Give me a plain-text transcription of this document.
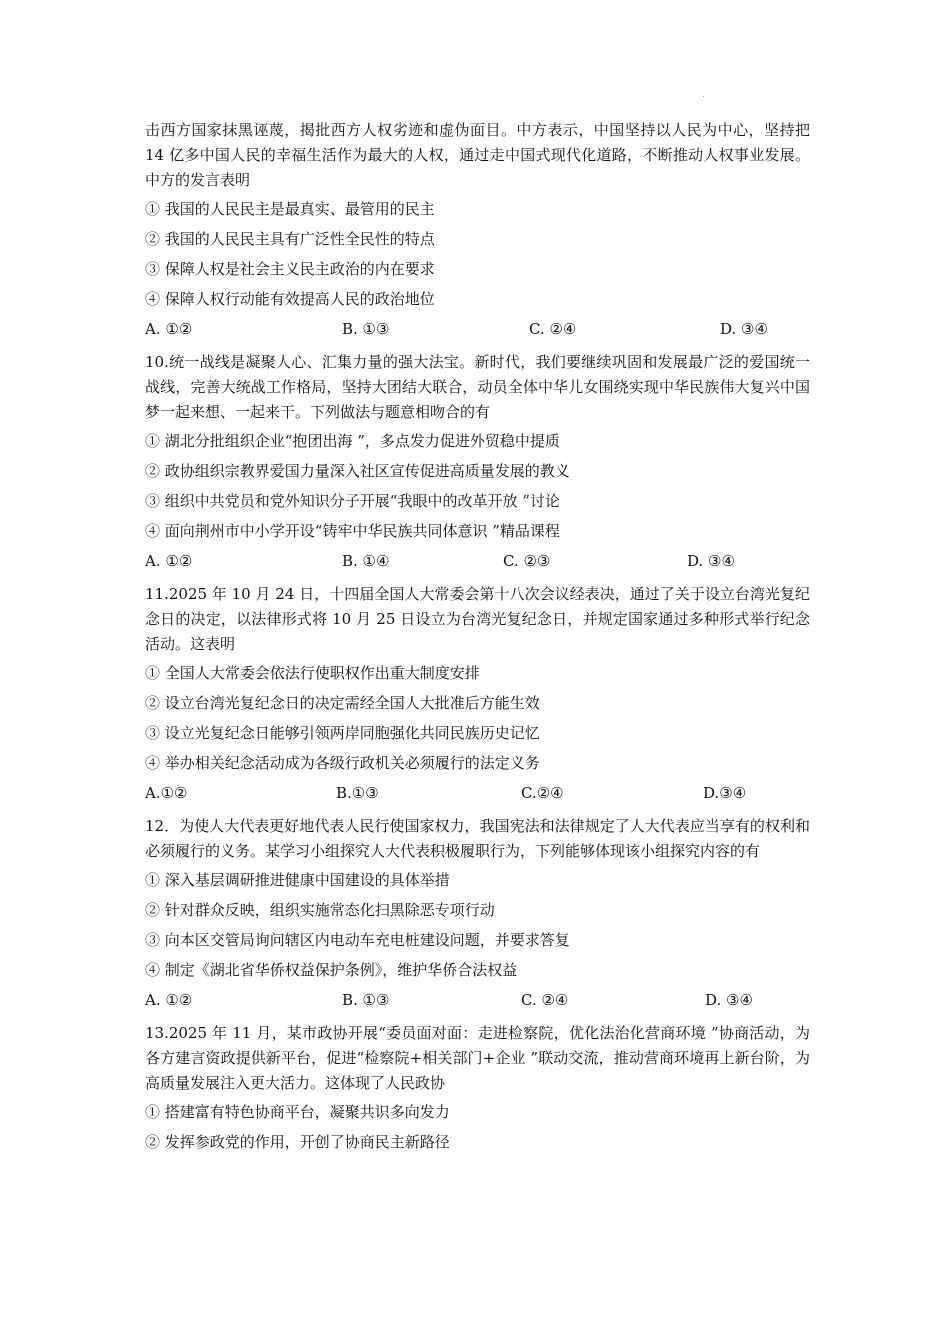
击西方国家抹黑诬蔑，揭批西方人权劣迹和虚伪面目。中方表示，中国坚持以人民为中心，坚持把 14 亿多中国人民的幸福生活作为最大的人权，通过走中国式现代化道路，不断推动人权事业发展。中方的发言表明

① 我国的人民民主是最真实、最管用的民主
② 我国的人民民主具有广泛性全民性的特点
③ 保障人权是社会主义民主政治的内在要求
④ 保障人权行动能有效提高人民的政治地位
A. ①②	B. ①③	C. ②④	D. ③④

10.统一战线是凝聚人心、汇集力量的强大法宝。新时代，我们要继续巩固和发展最广泛的爱国统一战线，完善大统战工作格局，坚持大团结大联合，动员全体中华儿女围绕实现中华民族伟大复兴中国梦一起来想、一起来干。下列做法与题意相吻合的有

① 湖北分批组织企业“抱团出海 ”，多点发力促进外贸稳中提质
② 政协组织宗教界爱国力量深入社区宣传促进高质量发展的教义
③ 组织中共党员和党外知识分子开展“我眼中的改革开放 ”讨论
④ 面向荆州市中小学开设“铸牢中华民族共同体意识 ”精品课程
A. ①②	B. ①④	C. ②③	D. ③④

11.2025 年 10 月 24 日，十四届全国人大常委会第十八次会议经表决，通过了关于设立台湾光复纪念日的决定，以法律形式将 10 月 25 日设立为台湾光复纪念日，并规定国家通过多种形式举行纪念活动。这表明

① 全国人大常委会依法行使职权作出重大制度安排
② 设立台湾光复纪念日的决定需经全国人大批准后方能生效
③ 设立光复纪念日能够引领两岸同胞强化共同民族历史记忆
④ 举办相关纪念活动成为各级行政机关必须履行的法定义务
A.①②	B.①③	C.②④	D.③④

12．为使人大代表更好地代表人民行使国家权力，我国宪法和法律规定了人大代表应当享有的权利和必须履行的义务。某学习小组探究人大代表积极履职行为，下列能够体现该小组探究内容的有

① 深入基层调研推进健康中国建设的具体举措
② 针对群众反映，组织实施常态化扫黑除恶专项行动
③ 向本区交管局询问辖区内电动车充电桩建设问题，并要求答复
④ 制定《湖北省华侨权益保护条例》，维护华侨合法权益
A. ①②	B. ①③	C. ②④	D. ③④

13.2025 年 11 月，某市政协开展“委员面对面：走进检察院，优化法治化营商环境 ”协商活动，为各方建言资政提供新平台，促进“检察院+相关部门+企业 ”联动交流，推动营商环境再上新台阶，为高质量发展注入更大活力。这体现了人民政协

① 搭建富有特色协商平台，凝聚共识多向发力
② 发挥参政党的作用，开创了协商民主新路径
